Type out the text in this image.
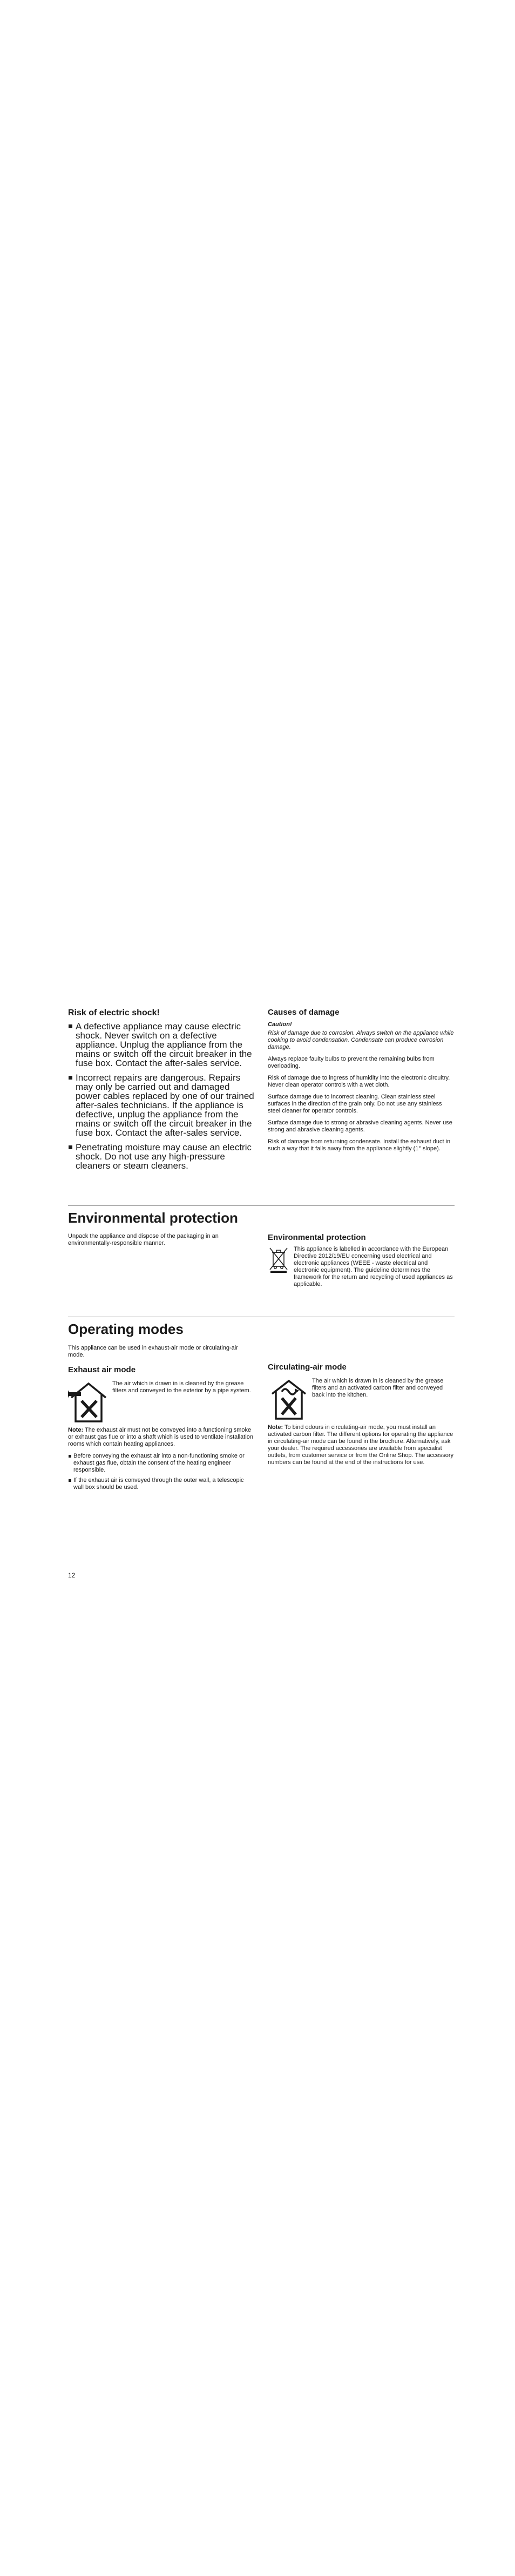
Risk of electric shock!

A defective appliance may cause electric shock. Never switch on a defective appliance. Unplug the appliance from the mains or switch off the circuit breaker in the fuse box. Contact the after-sales service.
Incorrect repairs are dangerous. Repairs may only be carried out and damaged power cables replaced by one of our trained after-sales technicians. If the appliance is defective, unplug the appliance from the mains or switch off the circuit breaker in the fuse box. Contact the after-sales service.
Penetrating moisture may cause an electric shock. Do not use any high-pressure cleaners or steam cleaners.

Causes of damage

Caution!

Risk of damage due to corrosion. Always switch on the appliance while cooking to avoid condensation. Condensate can produce corrosion damage.

Always replace faulty bulbs to prevent the remaining bulbs from overloading.

Risk of damage due to ingress of humidity into the electronic circuitry. Never clean operator controls with a wet cloth.

Surface damage due to incorrect cleaning. Clean stainless steel surfaces in the direction of the grain only. Do not use any stainless steel cleaner for operator controls.

Surface damage due to strong or abrasive cleaning agents. Never use strong and abrasive cleaning agents.

Risk of damage from returning condensate. Install the exhaust duct in such a way that it falls away from the appliance slightly (1° slope).

Environmental protection

Unpack the appliance and dispose of the packaging in an environmentally-responsible manner.

Environmental protection

This appliance is labelled in accordance with the European Directive 2012/19/EU concerning used electrical and electronic appliances (WEEE - waste electrical and electronic equipment). The guideline determines the framework for the return and recycling of used appliances as applicable.

Operating modes

This appliance can be used in exhaust-air mode or circulating-air mode.

Exhaust air mode

The air which is drawn in is cleaned by the grease filters and conveyed to the exterior by a pipe system.

Note: The exhaust air must not be conveyed into a functioning smoke or exhaust gas flue or into a shaft which is used to ventilate installation rooms which contain heating appliances.

Before conveying the exhaust air into a non-functioning smoke or exhaust gas flue, obtain the consent of the heating engineer responsible.
If the exhaust air is conveyed through the outer wall, a telescopic wall box should be used.

Circulating-air mode

The air which is drawn in is cleaned by the grease filters and an activated carbon filter and conveyed back into the kitchen.

Note: To bind odours in circulating-air mode, you must install an activated carbon filter. The different options for operating the appliance in circulating-air mode can be found in the brochure. Alternatively, ask your dealer. The required accessories are available from specialist outlets, from customer service or from the Online Shop. The accessory numbers can be found at the end of the instructions for use.

12
